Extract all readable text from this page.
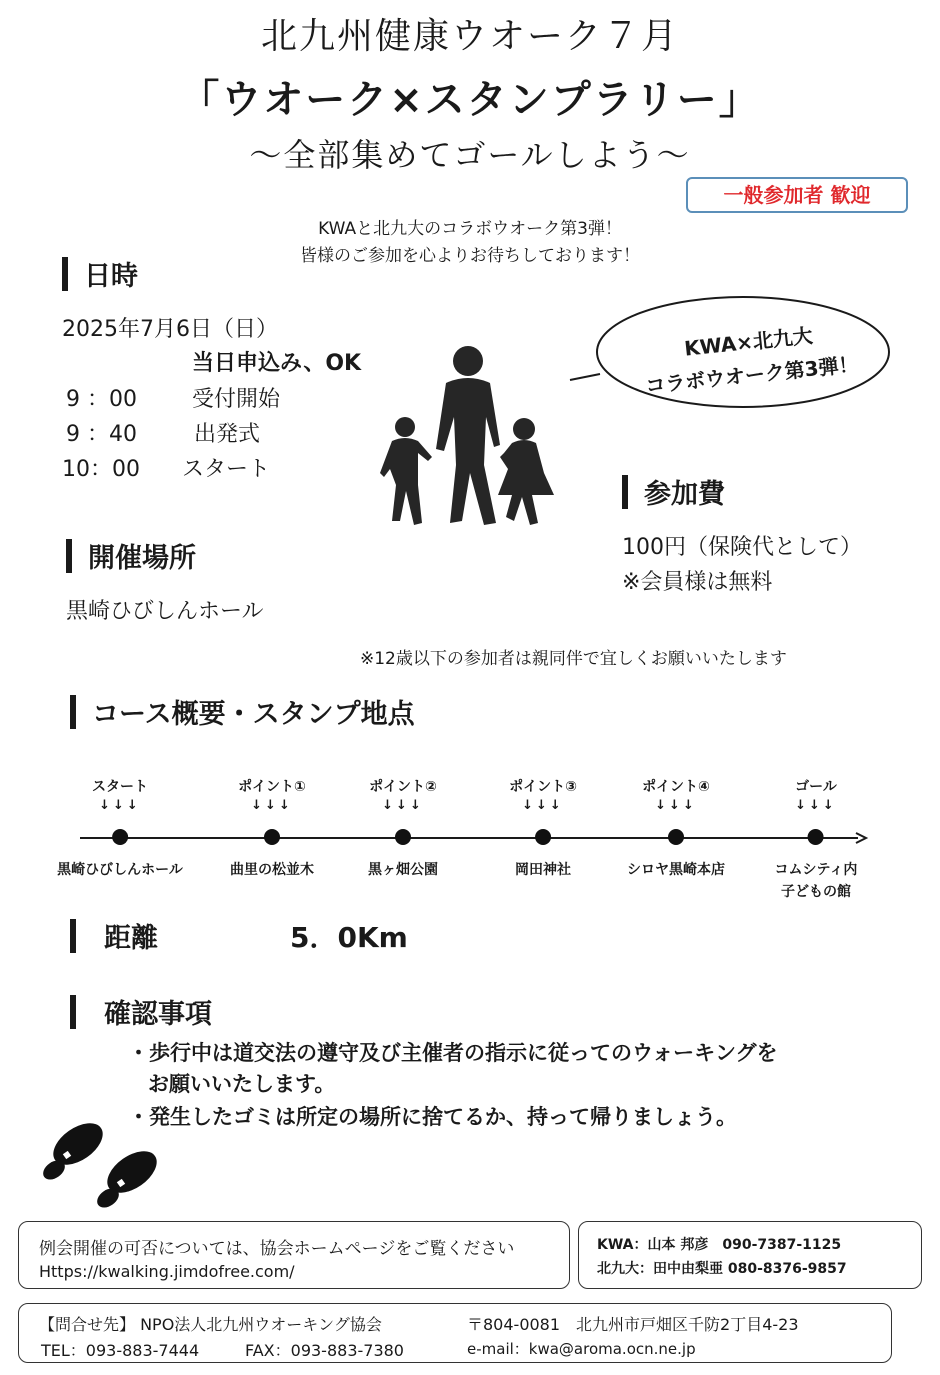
北九州健康ウオーク７月
「ウオーク×スタンプラリー」
～全部集めてゴールしよう～
一般参加者 歓迎
KWAと北九大のコラボウオーク第3弾！
皆様のご参加を心よりお待ちしております！
日時
2025年7月6日（日）
当日申込み、OK
9 ：00	受付開始
9 ：40	出発式
10：00 スタート
KWA×北九大
コラボウオーク第3弾！
参加費
100円（保険代として）
※会員様は無料
開催場所
黒崎ひびしんホール
※12歳以下の参加者は親同伴で宜しくお願いいたします
コース概要・スタンプ地点
スタート
↓↓↓
黒崎ひびしんホール
ポイント①
↓↓↓
曲里の松並木
ポイント②
↓↓↓
黒ヶ畑公園
ポイント③
↓↓↓
岡田神社
ポイント④
↓↓↓
シロヤ黒崎本店
ゴール
↓↓↓
コムシティ内
子どもの館
距離	5．0Km
確認事項
・歩行中は道交法の遵守及び主催者の指示に従ってのウォーキングを
お願いいたします。
・発生したゴミは所定の場所に捨てるか、持って帰りましょう。
例会開催の可否については、協会ホームページをご覧ください
Https://kwalking.jimdofree.com/
KWA：山本 邦彦　090-7387-1125
北九大：田中由梨亜 080-8376-9857
【問合せ先】 NPO法人北九州ウオーキング協会
TEL：093-883-7444	FAX：093-883-7380
〒804-0081　北九州市戸畑区千防2丁目4-23
e-mail：kwa@aroma.ocn.ne.jp
